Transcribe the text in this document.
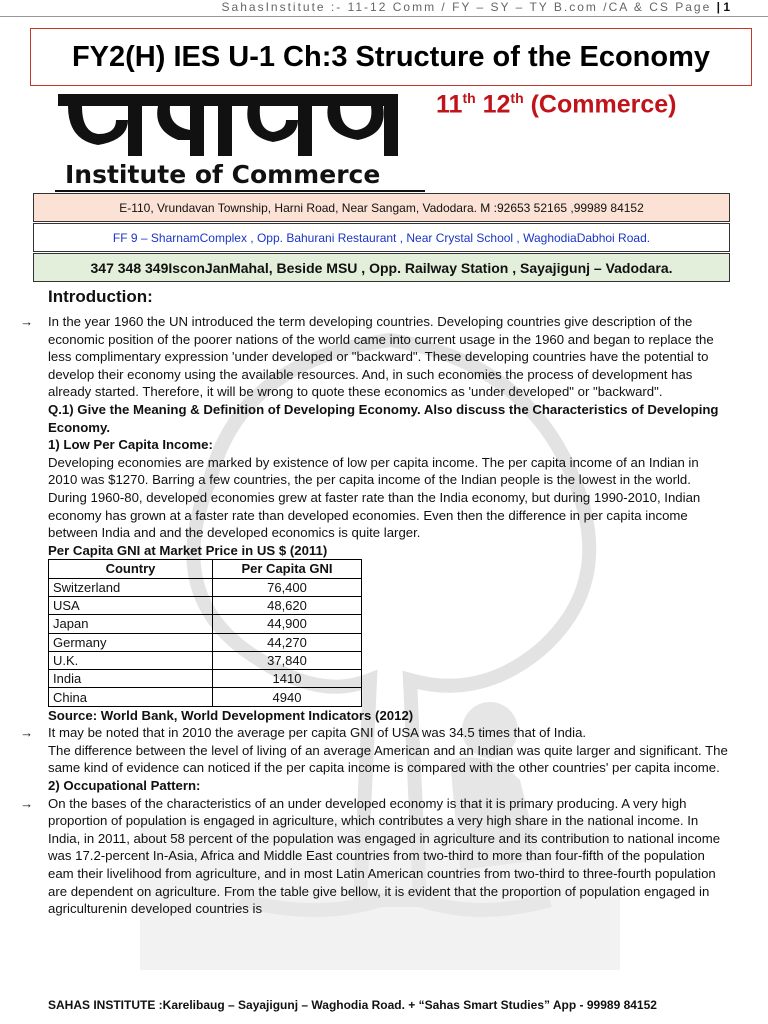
SahasInstitute :- 11-12 Comm / FY – SY – TY B.com /CA & CS Page | 1
FY2(H) IES U-1 Ch:3 Structure of the Economy
Institute of Commerce
11th 12th (Commerce)
E-110, Vrundavan Township, Harni Road, Near Sangam, Vadodara. M :92653 52165 ,99989 84152
FF 9 – SharnamComplex , Opp. Bahurani Restaurant , Near Crystal School , WaghodiaDabhoi Road.
347 348 349IsconJanMahal, Beside MSU , Opp. Railway Station , Sayajigunj – Vadodara.
Introduction:

→ In the year 1960 the UN introduced the term developing countries. Developing countries give description of the economic position of the poorer nations of the world came into current usage in the 1960 and began to replace the less complimentary expression 'under developed or "backward". These developing countries have the potential to develop their economy using the available resources. And, in such economies the process of development has already started. Therefore, it will be wrong to quote these economics as 'under developed" or "backward".

Q.1) Give the Meaning & Definition of Developing Economy. Also discuss the Characteristics of Developing Economy.

1) Low Per Capita Income:

Developing economies are marked by existence of low per capita income. The per capita income of an Indian in 2010 was $1270. Barring a few countries, the per capita income of the Indian people is the lowest in the world. During 1960-80, developed economies grew at faster rate than the India economy, but during 1990-2010, Indian economy has grown at a faster rate than developed economies. Even then the difference in per capita income between India and and the developed economics is quite larger.

Per Capita GNI at Market Price in US $ (2011)

Country	Per Capita GNI
Switzerland	76,400
USA	48,620
Japan	44,900
Germany	44,270
U.K.	37,840
India	1410
China	4940

Source: World Bank, World Development Indicators (2012)

→ It may be noted that in 2010 the average per capita GNI of USA was 34.5 times that of India.

The difference between the level of living of an average American and an Indian was quite larger and significant. The same kind of evidence can noticed if the per capita income is compared with the other countries' per capita income.

2) Occupational Pattern:

→ On the bases of the characteristics of an under developed economy is that it is primary producing. A very high proportion of population is engaged in agriculture, which contributes a very high share in the national income. In India, in 2011, about 58 percent of the population was engaged in agriculture and its contribution to national income was 17.2-percent In-Asia, Africa and Middle East countries from two-third to more than four-fifth of the population eam their livelihood from agriculture, and in most Latin American countries from two-third to three-fourth population are dependent on agriculture. From the table give bellow, it is evident that the proportion of population engaged in agriculturenin developed countries is

SAHAS INSTITUTE :Karelibaug – Sayajigunj – Waghodia Road. + “Sahas Smart Studies” App - 99989 84152
